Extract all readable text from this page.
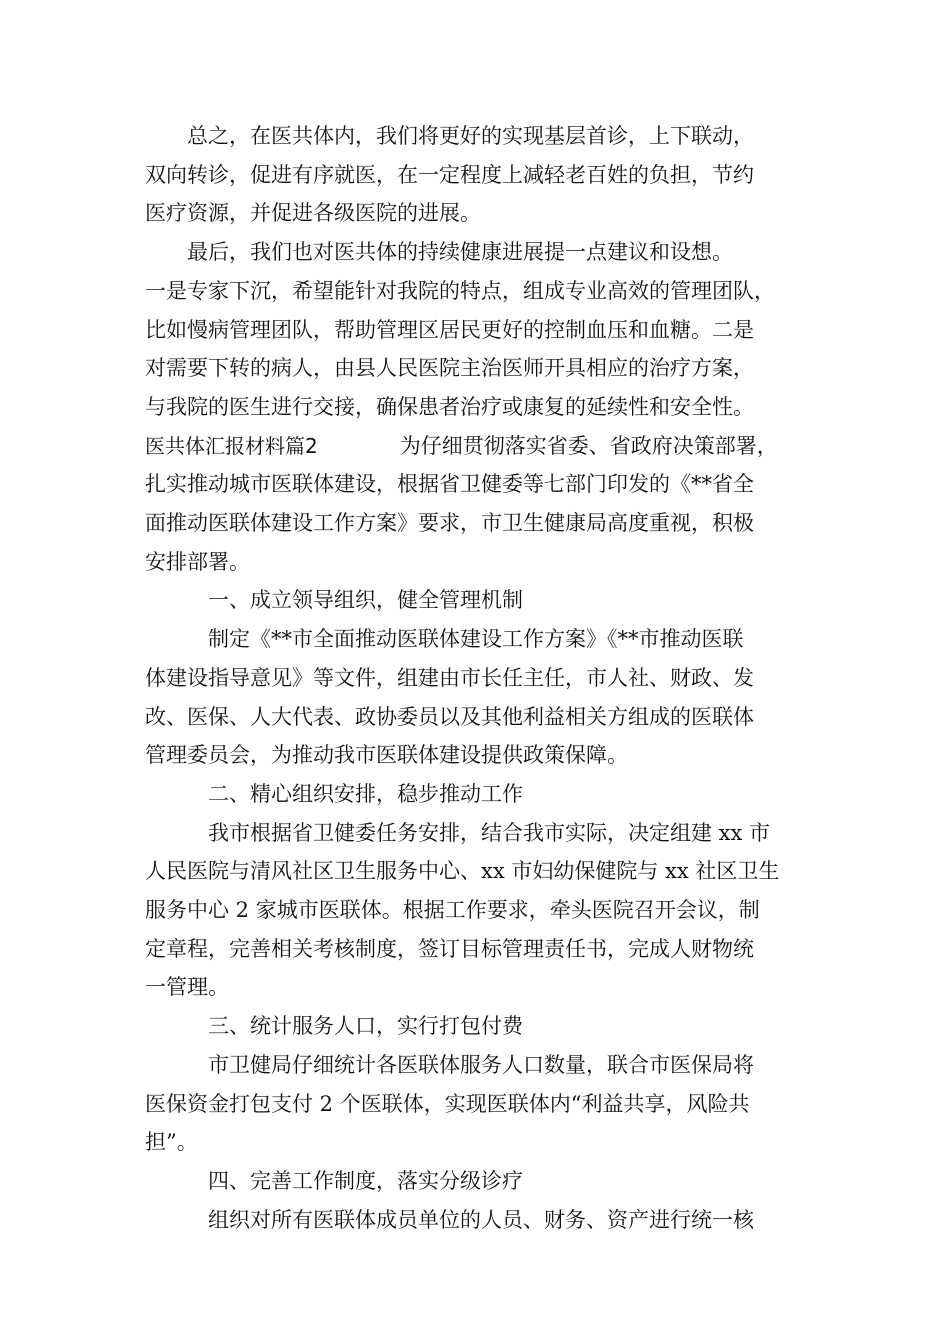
总之，在医共体内，我们将更好的实现基层首诊，上下联动，
双向转诊，促进有序就医，在一定程度上减轻老百姓的负担，节约
医疗资源，并促进各级医院的进展。
最后，我们也对医共体的持续健康进展提一点建议和设想。
一是专家下沉，希望能针对我院的特点，组成专业高效的管理团队，
比如慢病管理团队，帮助管理区居民更好的控制血压和血糖。二是
对需要下转的病人，由县人民医院主治医师开具相应的治疗方案，
与我院的医生进行交接，确保患者治疗或康复的延续性和安全性。
医共体汇报材料篇2	为仔细贯彻落实省委、省政府决策部署，
扎实推动城市医联体建设，根据省卫健委等七部门印发的《**省全
面推动医联体建设工作方案》要求，市卫生健康局高度重视，积极
安排部署。
一、成立领导组织，健全管理机制
制定《**市全面推动医联体建设工作方案》《**市推动医联
体建设指导意见》等文件，组建由市长任主任，市人社、财政、发
改、医保、人大代表、政协委员以及其他利益相关方组成的医联体
管理委员会，为推动我市医联体建设提供政策保障。
二、精心组织安排，稳步推动工作
我市根据省卫健委任务安排，结合我市实际，决定组建 xx 市
人民医院与清风社区卫生服务中心、xx 市妇幼保健院与 xx 社区卫生
服务中心 2 家城市医联体。根据工作要求，牵头医院召开会议，制
定章程，完善相关考核制度，签订目标管理责任书，完成人财物统
一管理。
三、统计服务人口，实行打包付费
市卫健局仔细统计各医联体服务人口数量，联合市医保局将
医保资金打包支付 2 个医联体，实现医联体内“利益共享，风险共
担”。
四、完善工作制度，落实分级诊疗
组织对所有医联体成员单位的人员、财务、资产进行统一核
